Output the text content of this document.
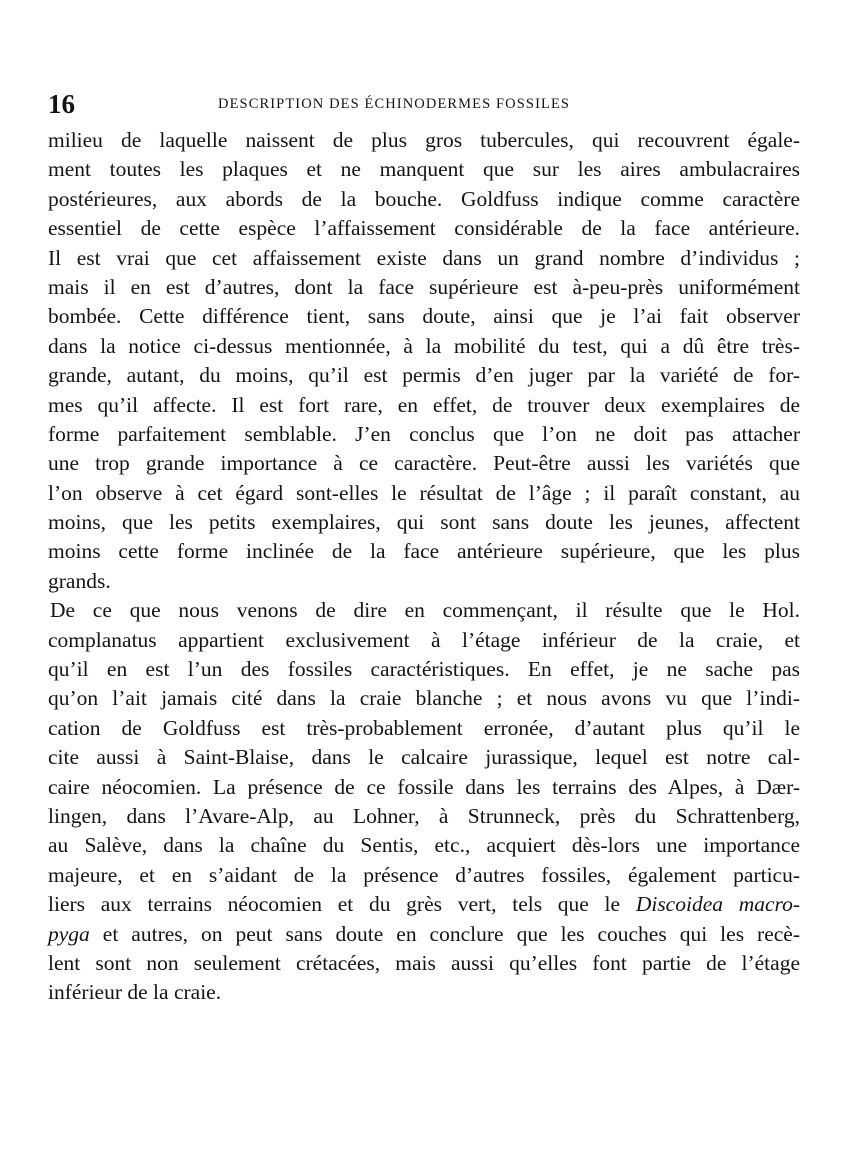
16	DESCRIPTION DES ÉCHINODERMES FOSSILES
milieu de laquelle naissent de plus gros tubercules, qui recouvrent égale-
ment toutes les plaques et ne manquent que sur les aires ambulacraires
postérieures, aux abords de la bouche. Goldfuss indique comme caractère
essentiel de cette espèce l’affaissement considérable de la face antérieure.
Il est vrai que cet affaissement existe dans un grand nombre d’individus ;
mais il en est d’autres, dont la face supérieure est à-peu-près uniformément
bombée. Cette différence tient, sans doute, ainsi que je l’ai fait observer
dans la notice ci-dessus mentionnée, à la mobilité du test, qui a dû être très-
grande, autant, du moins, qu’il est permis d’en juger par la variété de for-
mes qu’il affecte. Il est fort rare, en effet, de trouver deux exemplaires de
forme parfaitement semblable. J’en conclus que l’on ne doit pas attacher
une trop grande importance à ce caractère. Peut-être aussi les variétés que
l’on observe à cet égard sont-elles le résultat de l’âge ; il paraît constant, au
moins, que les petits exemplaires, qui sont sans doute les jeunes, affectent
moins cette forme inclinée de la face antérieure supérieure, que les plus
grands.
De ce que nous venons de dire en commençant, il résulte que le Hol.
complanatus appartient exclusivement à l’étage inférieur de la craie, et
qu’il en est l’un des fossiles caractéristiques. En effet, je ne sache pas
qu’on l’ait jamais cité dans la craie blanche ; et nous avons vu que l’indi-
cation de Goldfuss est très-probablement erronée, d’autant plus qu’il le
cite aussi à Saint-Blaise, dans le calcaire jurassique, lequel est notre cal-
caire néocomien. La présence de ce fossile dans les terrains des Alpes, à Dær-
lingen, dans l’Avare-Alp, au Lohner, à Strunneck, près du Schrattenberg,
au Salève, dans la chaîne du Sentis, etc., acquiert dès-lors une importance
majeure, et en s’aidant de la présence d’autres fossiles, également particu-
liers aux terrains néocomien et du grès vert, tels que le Discoidea macro-
pyga et autres, on peut sans doute en conclure que les couches qui les recè-
lent sont non seulement crétacées, mais aussi qu’elles font partie de l’étage
inférieur de la craie.
